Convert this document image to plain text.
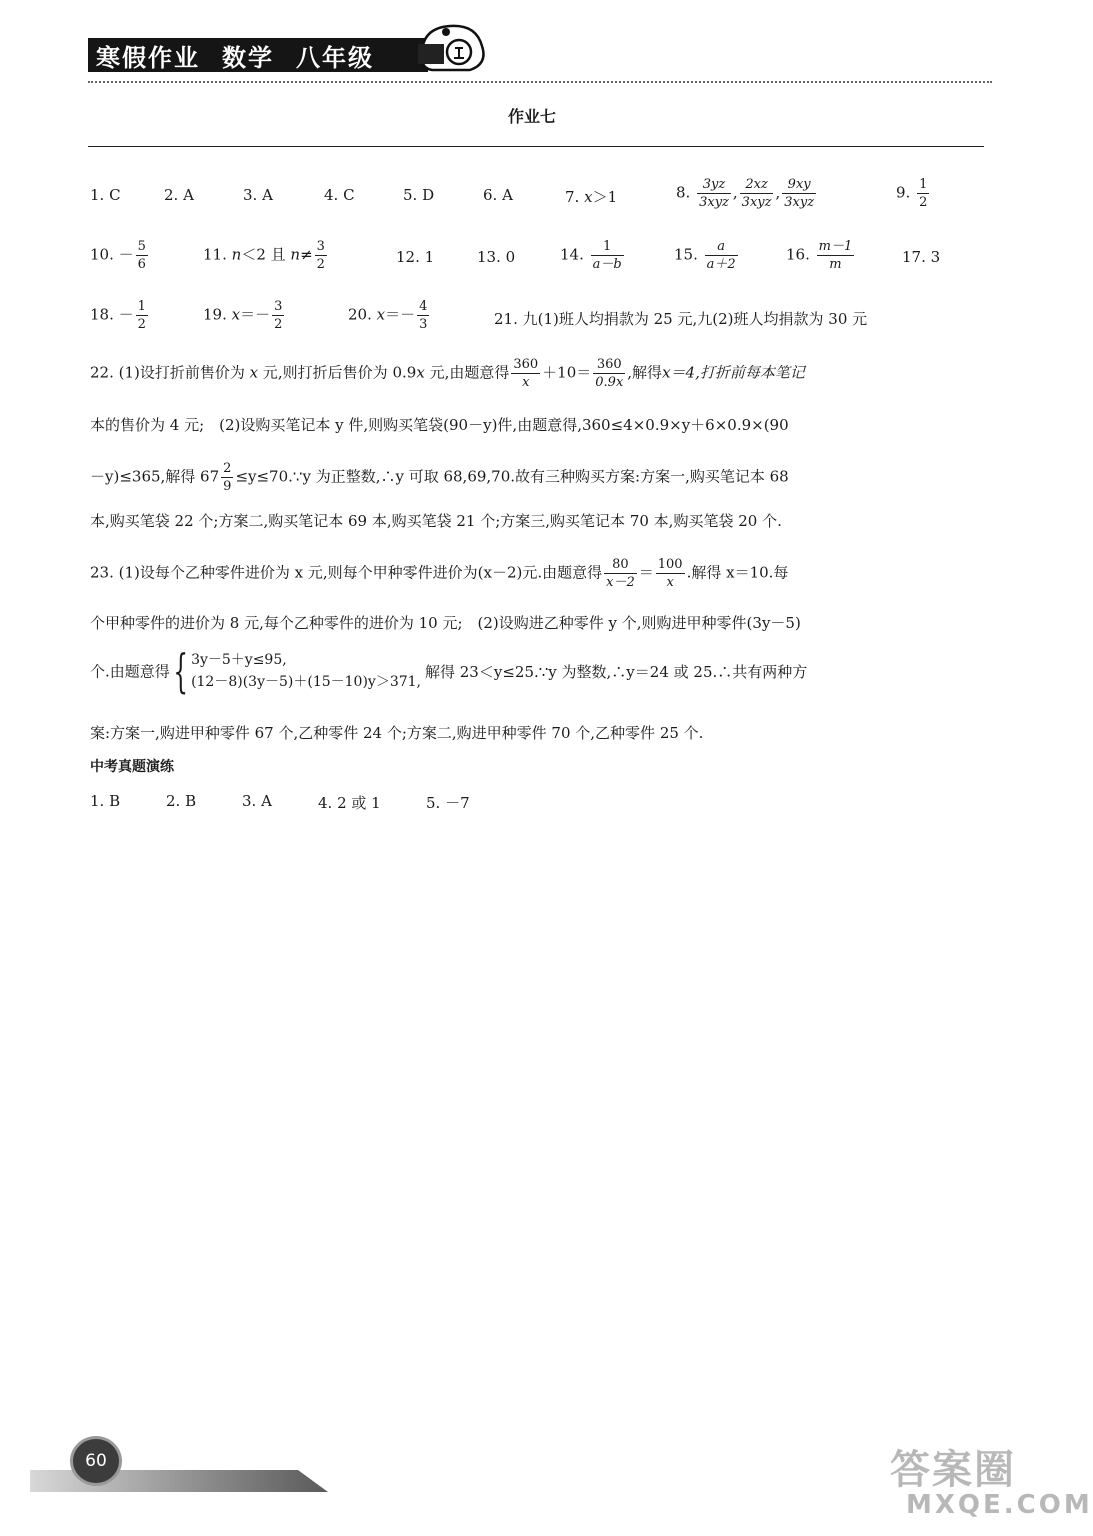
寒假作业 数学 八年级
作业七
1. C	2. A	3. A	4. C	5. D	6. A	7. x＞1	8. $\frac{3yz}{\text{3xyz}}$ , $\frac{2xz}{\text{3xyz}}$ , $\frac{9xy}{\text{3xyz}}$	9. $\frac{1}{2}$
10. － $\frac{5}{6}$	11. n＜2 且 $n\ne \frac{3}{2}$	12. 1	13. 0	14. $\frac{1}{a-b}$	15. $\frac{a}{a+2}$	16. $\frac{m-1}{m}$	17. 3
18. － $\frac{1}{2}$	19. $x=- \frac{3}{2}$	20. $x=- \frac{4}{3}$	21. 九(1)班人均捐款为 25 元,九(2)班人均捐款为 30 元
22. (1)设打折前售价为 x 元,则打折后售价为 0.9x 元,由题意得 $\frac{360}{x} +10= \frac{360}{0.9x}$ ,解得x＝4,打折前每本笔记
本的售价为 4 元;　(2)设购买笔记本 y 件,则购买笔袋(90－y)件,由题意得,360≤4×0.9×y＋6×0.9×(90
－y)≤365,解得 $67 \frac{2}{9}$ ≤y≤70.∵y 为正整数,∴y 可取 68,69,70.故有三种购买方案:方案一,购买笔记本 68
本,购买笔袋 22 个;方案二,购买笔记本 69 本,购买笔袋 21 个;方案三,购买笔记本 70 本,购买笔袋 20 个.
23. (1)设每个乙种零件进价为 x 元,则每个甲种零件进价为(x－2)元.由题意得 $\frac{80}{x-2} = \frac{100}{x}$ .解得 x＝10.每
个甲种零件的进价为 8 元,每个乙种零件的进价为 10 元;　(2)设购进乙种零件 y 个,则购进甲种零件(3y－5)
个.由题意得{ 3y－5＋y≤95,
(12－8)(3y－5)＋(15－10)y＞371,
解得 23＜y≤25.∵y 为整数,∴y＝24 或 25.∴共有两种方
案:方案一,购进甲种零件 67 个,乙种零件 24 个;方案二,购进甲种零件 70 个,乙种零件 25 个.
中考真题演练
1. B	2. B	3. A	4. 2 或 1	5. －7
60	答案圈
MXQE.COM
